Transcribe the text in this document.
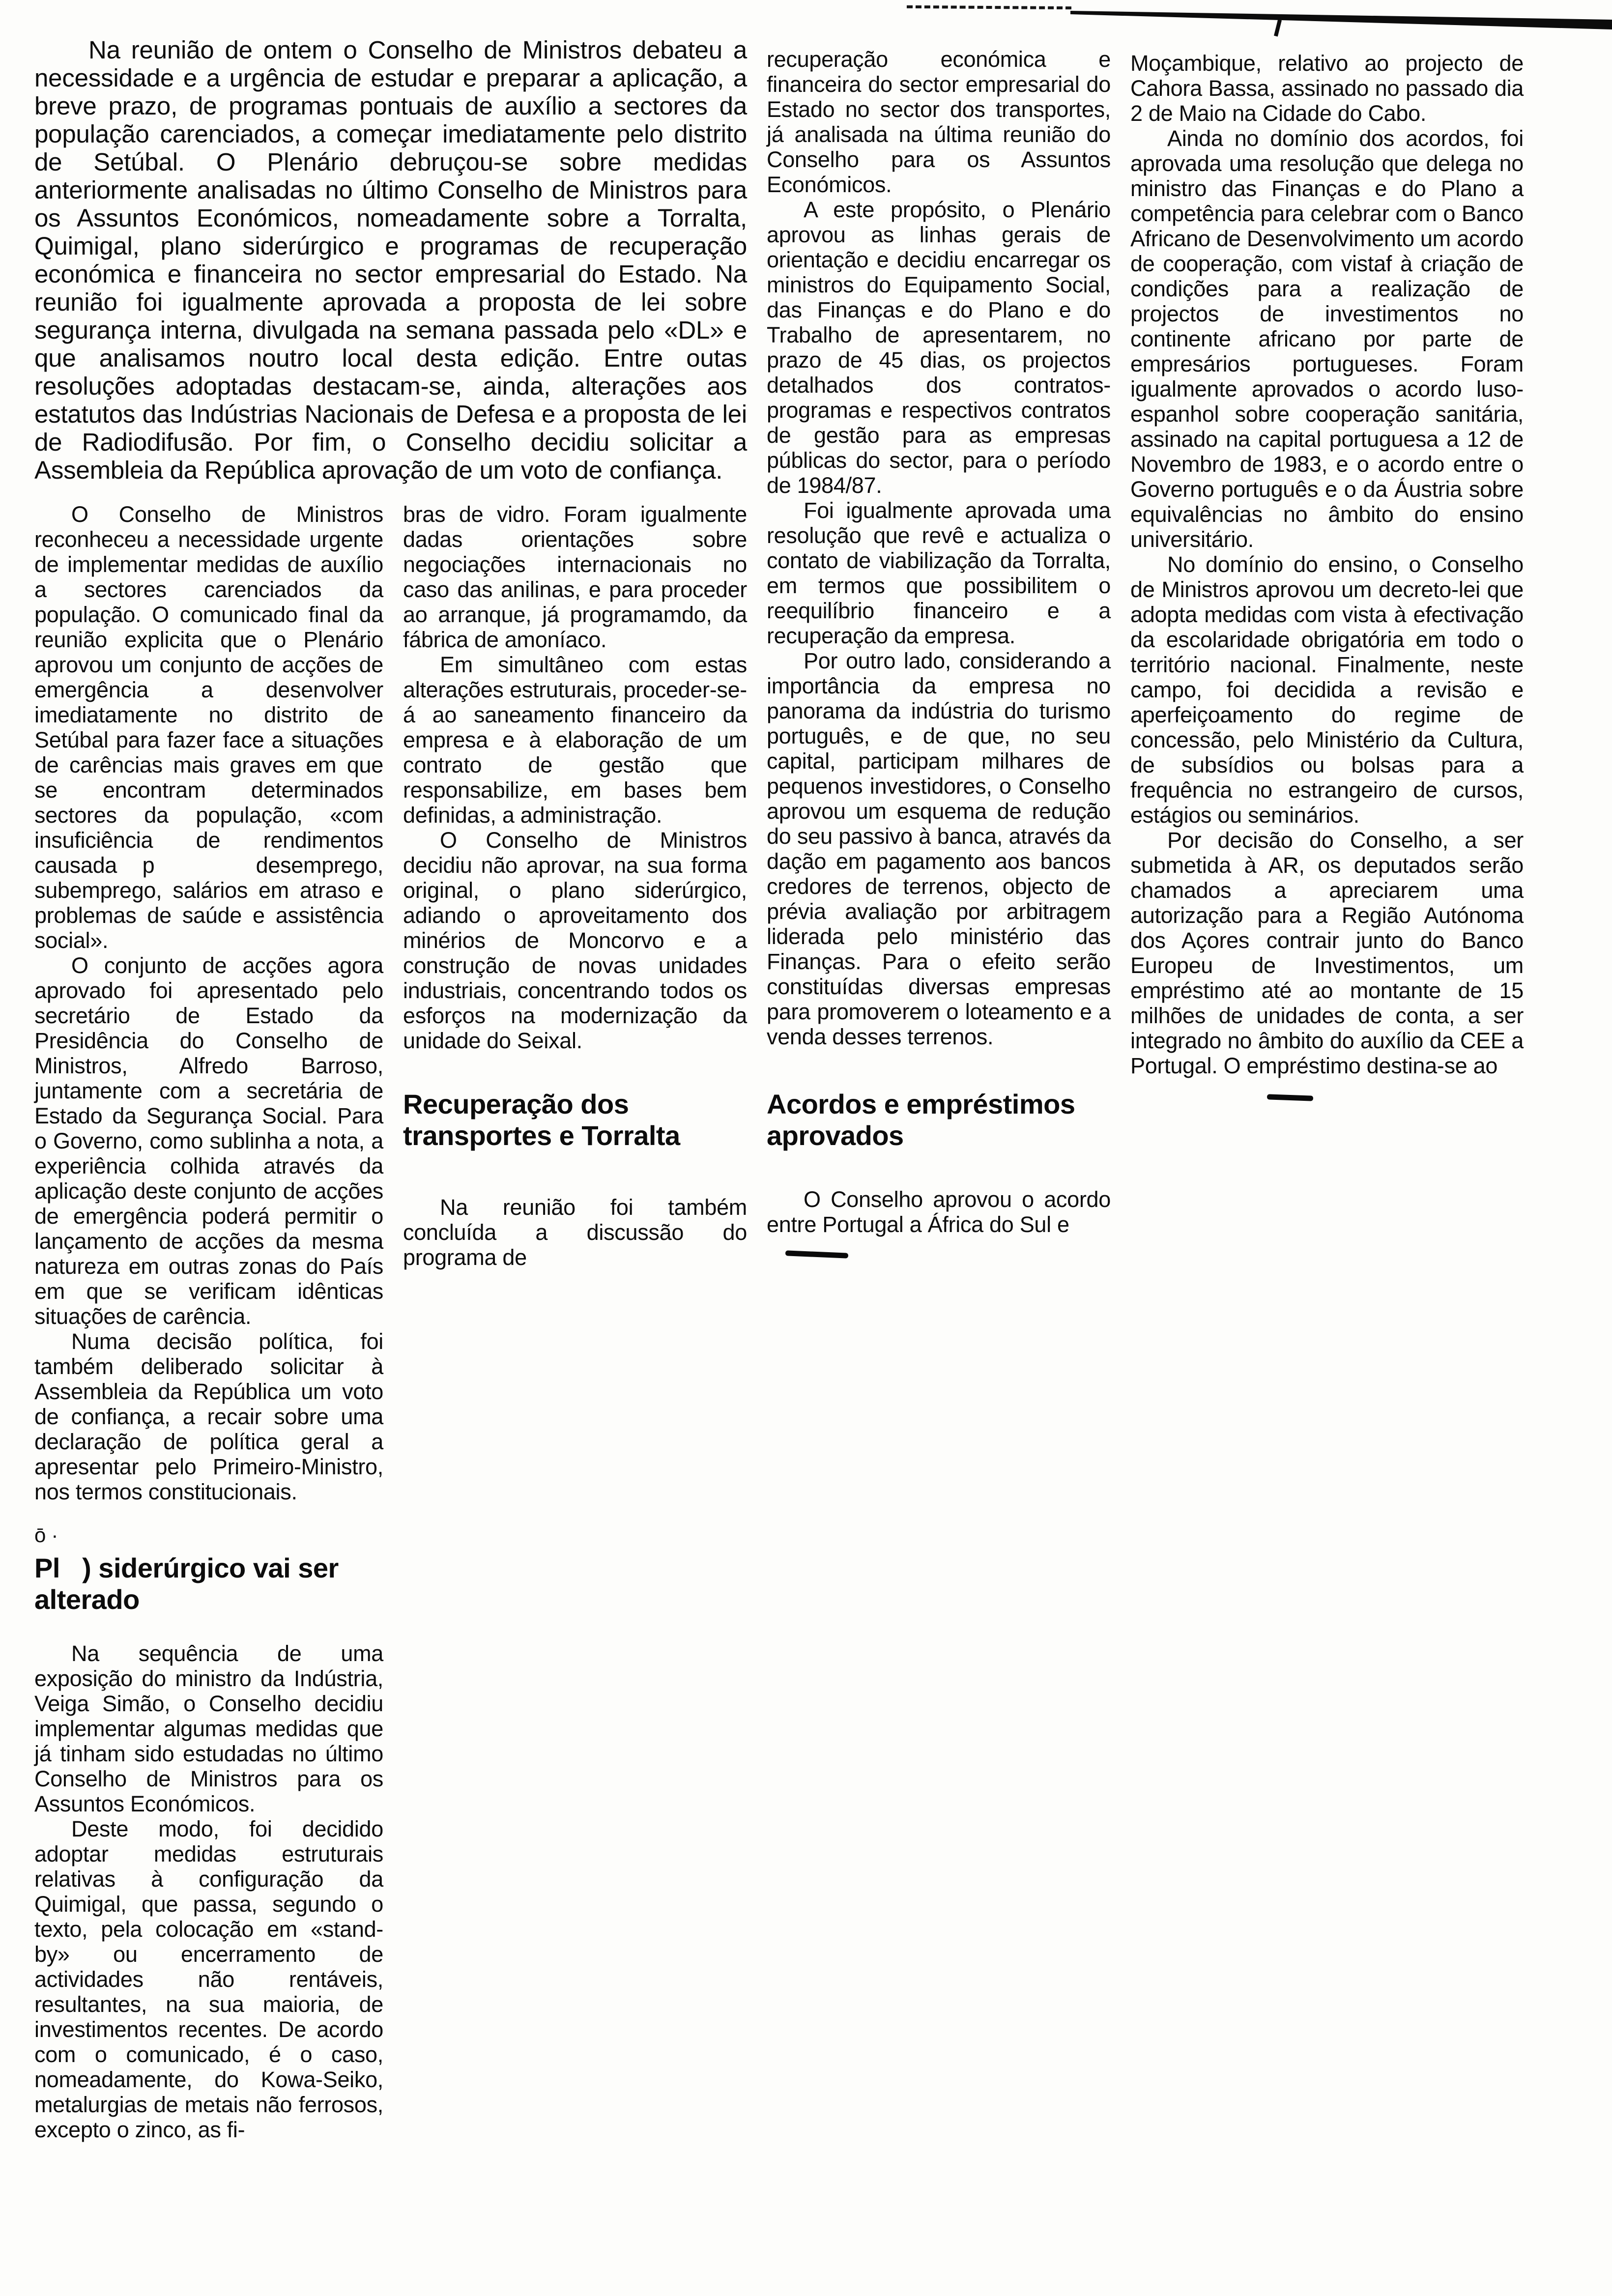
Na reunião de ontem o Conselho de Ministros debateu a necessidade e a urgência de estudar e preparar a aplicação, a breve prazo, de programas pontuais de auxílio a sectores da população carenciados, a começar imediatamente pelo distrito de Setúbal. O Plenário debruçou-se sobre medidas anteriormente analisadas no último Conselho de Ministros para os Assuntos Económicos, nomeadamente sobre a Torralta, Quimigal, plano siderúrgico e programas de recuperação económica e financeira no sector empresarial do Estado. Na reunião foi igualmente aprovada a proposta de lei sobre segurança interna, divulgada na semana passada pelo «DL» e que analisamos noutro local desta edição. Entre outas resoluções adoptadas destacam-se, ainda, alterações aos estatutos das Indústrias Nacionais de Defesa e a proposta de lei de Radiodifusão. Por fim, o Conselho decidiu solicitar a Assembleia da República aprovação de um voto de confiança.

O Conselho de Ministros reconheceu a necessidade urgente de implementar medidas de auxílio a sectores carenciados da população. O comunicado final da reunião explicita que o Plenário aprovou um conjunto de acções de emergência a desenvolver imediatamente no distrito de Setúbal para fazer face a situações de carências mais graves em que se encontram determinados sectores da população, «com insuficiência de rendimentos causada p    desemprego, subemprego, salários em atraso e problemas de saúde e assistência social».

O conjunto de acções agora aprovado foi apresentado pelo secretário de Estado da Presidência do Conselho de Ministros, Alfredo Barroso, juntamente com a secretária de Estado da Segurança Social. Para o Governo, como sublinha a nota, a experiência colhida através da aplicação deste conjunto de acções de emergência poderá permitir o lançamento de acções da mesma natureza em outras zonas do País em que se verificam idênticas situações de carência.

Numa decisão política, foi também deliberado solicitar à Assembleia da República um voto de confiança, a recair sobre uma declaração de política geral a apresentar pelo Primeiro-Ministro, nos termos constitucionais.

ō ·
Pl   ) siderúrgico vai ser alterado

Na sequência de uma exposição do ministro da Indústria, Veiga Simão, o Conselho decidiu implementar algumas medidas que já tinham sido estudadas no último Conselho de Ministros para os Assuntos Económicos.

Deste modo, foi decidido adoptar medidas estruturais relativas à configuração da Quimigal, que passa, segundo o texto, pela colocação em «stand-by» ou encerramento de actividades não rentáveis, resultantes, na sua maioria, de investimentos recentes. De acordo com o comunicado, é o caso, nomeadamente, do Kowa-Seiko, metalurgias de metais não ferrosos, excepto o zinco, as fi-

bras de vidro. Foram igualmente dadas orientações sobre negociações internacionais no caso das anilinas, e para proceder ao arranque, já programamdo, da fábrica de amoníaco.

Em simultâneo com estas alterações estruturais, proceder-se-á ao saneamento financeiro da empresa e à elaboração de um contrato de gestão que responsabilize, em bases bem definidas, a administração.

O Conselho de Ministros decidiu não aprovar, na sua forma original, o plano siderúrgico, adiando o aproveitamento dos minérios de Moncorvo e a construção de novas unidades industriais, concentrando todos os esforços na modernização da unidade do Seixal.

Recuperação dos transportes e Torralta

Na reunião foi também concluída a discussão do programa de

recuperação económica e financeira do sector empresarial do Estado no sector dos transportes, já analisada na última reunião do Conselho para os Assuntos Económicos.

A este propósito, o Plenário aprovou as linhas gerais de orientação e decidiu encarregar os ministros do Equipamento Social, das Finanças e do Plano e do Trabalho de apresentarem, no prazo de 45 dias, os projectos detalhados dos contratos-programas e respectivos contratos de gestão para as empresas públicas do sector, para o período de 1984/87.

Foi igualmente aprovada uma resolução que revê e actualiza o contato de viabilização da Torralta, em termos que possibilitem o reequilíbrio financeiro e a recuperação da empresa.

Por outro lado, considerando a importância da empresa no panorama da indústria do turismo português, e de que, no seu capital, participam milhares de pequenos investidores, o Conselho aprovou um esquema de redução do seu passivo à banca, através da dação em pagamento aos bancos credores de terrenos, objecto de prévia avaliação por arbitragem liderada pelo ministério das Finanças. Para o efeito serão constituídas diversas empresas para promoverem o loteamento e a venda desses terrenos.

Acordos e empréstimos aprovados

O Conselho aprovou o acordo entre Portugal a África do Sul e

Moçambique, relativo ao projecto de Cahora Bassa, assinado no passado dia 2 de Maio na Cidade do Cabo.

Ainda no domínio dos acordos, foi aprovada uma resolução que delega no ministro das Finanças e do Plano a competência para celebrar com o Banco Africano de Desenvolvimento um acordo de cooperação, com vistaf à criação de condições para a realização de projectos de investimentos no continente africano por parte de empresários portugueses. Foram igualmente aprovados o acordo luso-espanhol sobre cooperação sanitária, assinado na capital portuguesa a 12 de Novembro de 1983, e o acordo entre o Governo português e o da Áustria sobre equivalências no âmbito do ensino universitário.

No domínio do ensino, o Conselho de Ministros aprovou um decreto-lei que adopta medidas com vista à efectivação da escolaridade obrigatória em todo o território nacional. Finalmente, neste campo, foi decidida a revisão e aperfeiçoamento do regime de concessão, pelo Ministério da Cultura, de subsídios ou bolsas para a frequência no estrangeiro de cursos, estágios ou seminários.

Por decisão do Conselho, a ser submetida à AR, os deputados serão chamados a apreciarem uma autorização para a Região Autónoma dos Açores contrair junto do Banco Europeu de Investimentos, um empréstimo até ao montante de 15 milhões de unidades de conta, a ser integrado no âmbito do auxílio da CEE a Portugal. O empréstimo destina-se ao
